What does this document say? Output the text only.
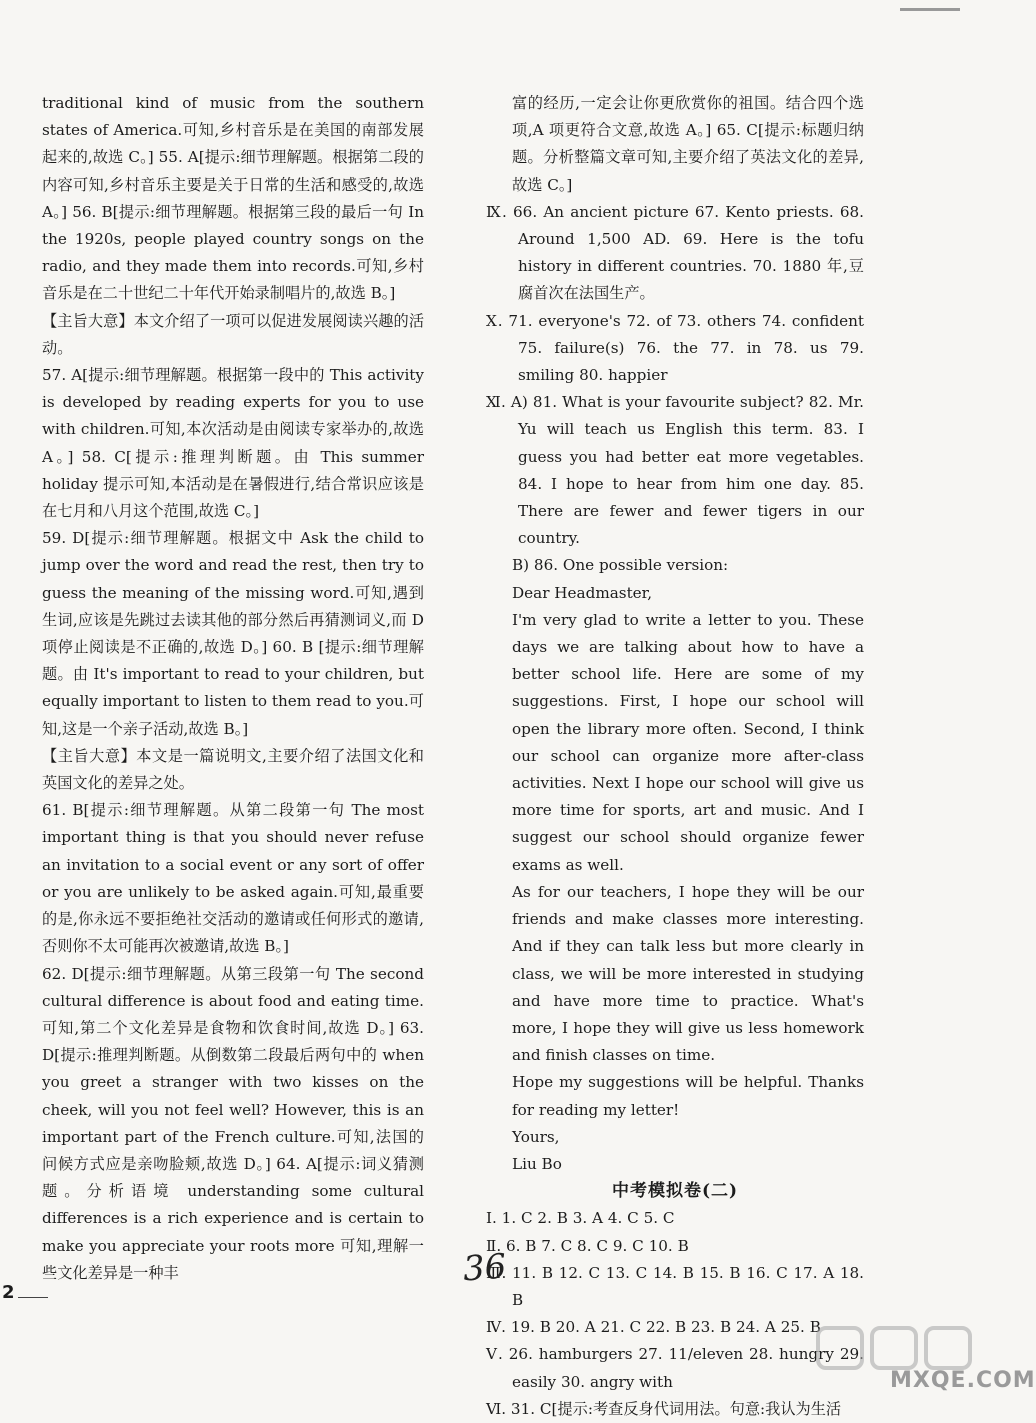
traditional kind of music from the southern states of America.可知,乡村音乐是在美国的南部发展起来的,故选 C。] 55. A[提示:细节理解题。根据第二段的内容可知,乡村音乐主要是关于日常的生活和感受的,故选 A。] 56. B[提示:细节理解题。根据第三段的最后一句 In the 1920s, people played country songs on the radio, and they made them into records.可知,乡村音乐是在二十世纪二十年代开始录制唱片的,故选 B。]

【主旨大意】本文介绍了一项可以促进发展阅读兴趣的活动。

57. A[提示:细节理解题。根据第一段中的 This activity is developed by reading experts for you to use with children.可知,本次活动是由阅读专家举办的,故选 A。] 58. C[提示:推理判断题。由 This summer holiday 提示可知,本活动是在暑假进行,结合常识应该是在七月和八月这个范围,故选 C。]

59. D[提示:细节理解题。根据文中 Ask the child to jump over the word and read the rest, then try to guess the meaning of the missing word.可知,遇到生词,应该是先跳过去读其他的部分然后再猜测词义,而 D 项停止阅读是不正确的,故选 D。] 60. B [提示:细节理解题。由 It's important to read to your children, but equally important to listen to them read to you.可知,这是一个亲子活动,故选 B。]

【主旨大意】本文是一篇说明文,主要介绍了法国文化和英国文化的差异之处。

61. B[提示:细节理解题。从第二段第一句 The most important thing is that you should never refuse an invitation to a social event or any sort of offer or you are unlikely to be asked again.可知,最重要的是,你永远不要拒绝社交活动的邀请或任何形式的邀请,否则你不太可能再次被邀请,故选 B。]

62. D[提示:细节理解题。从第三段第一句 The second cultural difference is about food and eating time.可知,第二个文化差异是食物和饮食时间,故选 D。] 63. D[提示:推理判断题。从倒数第二段最后两句中的 when you greet a stranger with two kisses on the cheek, will you not feel well? However, this is an important part of the French culture.可知,法国的问候方式应是亲吻脸颊,故选 D。] 64. A[提示:词义猜测题。分析语境 understanding some cultural differences is a rich experience and is certain to make you appreciate your roots more 可知,理解一些文化差异是一种丰

富的经历,一定会让你更欣赏你的祖国。结合四个选项,A 项更符合文意,故选 A。] 65. C[提示:标题归纳题。分析整篇文章可知,主要介绍了英法文化的差异,故选 C。]

Ⅸ. 66. An ancient picture 67. Kento priests. 68. Around 1,500 AD. 69. Here is the tofu history in different countries. 70. 1880 年,豆腐首次在法国生产。

Ⅹ. 71. everyone's 72. of 73. others 74. confident 75. failure(s) 76. the 77. in 78. us 79. smiling 80. happier

Ⅺ. A) 81. What is your favourite subject? 82. Mr. Yu will teach us English this term. 83. I guess you had better eat more vegetables. 84. I hope to hear from him one day. 85. There are fewer and fewer tigers in our country.

B) 86. One possible version:

Dear Headmaster,

I'm very glad to write a letter to you. These days we are talking about how to have a better school life. Here are some of my suggestions. First, I hope our school will open the library more often. Second, I think our school can organize more after-class activities. Next I hope our school will give us more time for sports, art and music. And I suggest our school should organize fewer exams as well.

As for our teachers, I hope they will be our friends and make classes more interesting. And if they can talk less but more clearly in class, we will be more interested in studying and have more time to practice. What's more, I hope they will give us less homework and finish classes on time.

Hope my suggestions will be helpful. Thanks for reading my letter!

Yours,

Liu Bo

中考模拟卷(二)

Ⅰ. 1. C 2. B 3. A 4. C 5. C

Ⅱ. 6. B 7. C 8. C 9. C 10. B

Ⅲ. 11. B 12. C 13. C 14. B 15. B 16. C 17. A 18. B

Ⅳ. 19. B 20. A 21. C 22. B 23. B 24. A 25. B

Ⅴ. 26. hamburgers 27. 11/eleven 28. hungry 29. easily 30. angry with

Ⅵ. 31. C[提示:考查反身代词用法。句意:我认为生活

2
36
MXQE.COM
